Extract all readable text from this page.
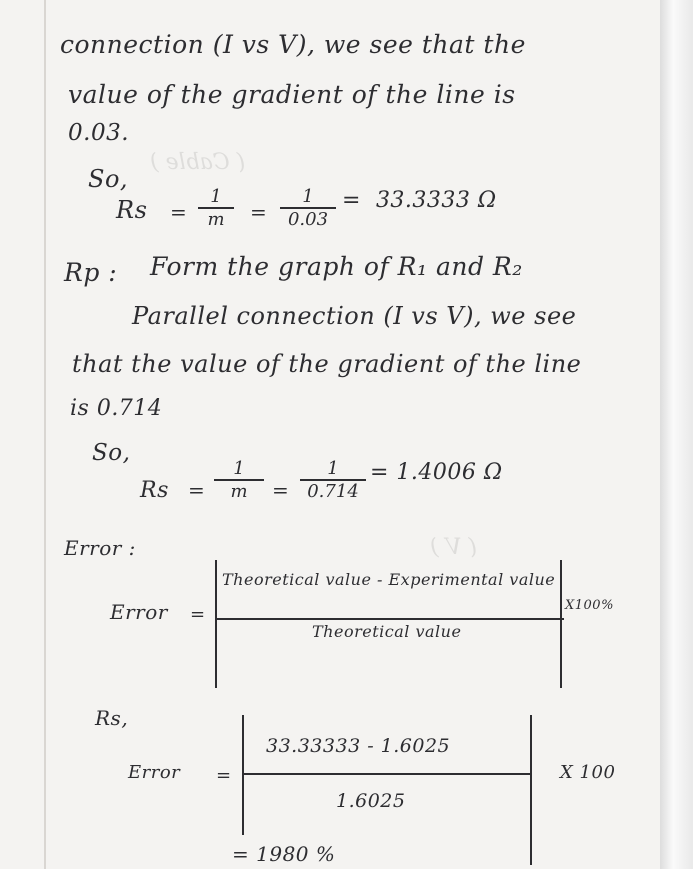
( Cable )
( V )
connection (I vs V), we see that the
value of the gradient of the line is
0.03.
So,
Rs =
1
m	=
1
0.03
= 33.3333 Ω
Rp : Form the graph of R₁ and R₂
Parallel connection (I vs V), we see
that the value of the gradient of the line
is 0.714
So,
Rs =
1
m	=
1
0.714
= 1.4006 Ω
Error :
Error =
Theoretical value - Experimental value
Theoretical value
X100%
Rs,
33.33333 - 1.6025
Error =
1.6025
X 100
= 1980 %
